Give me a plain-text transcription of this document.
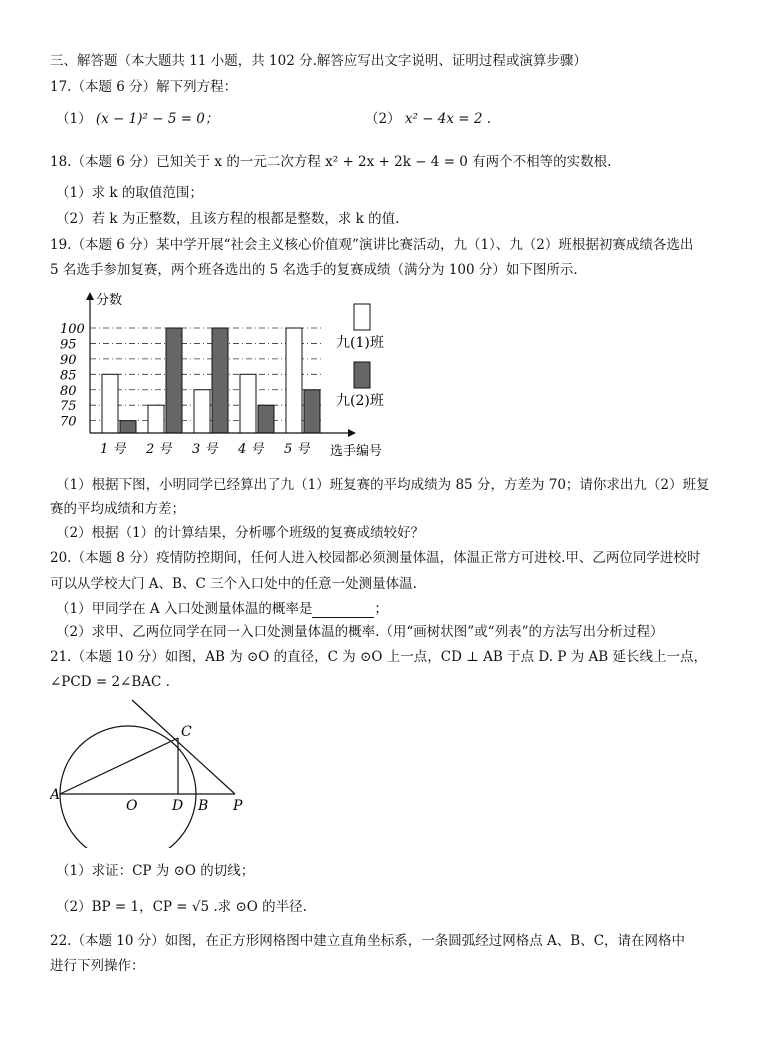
三、解答题（本大题共 11 小题，共 102 分.解答应写出文字说明、证明过程或演算步骤）
17.（本题 6 分）解下列方程：
（1） (x − 1)² − 5 = 0；	（2） x² − 4x = 2 .
18.（本题 6 分）已知关于 x 的一元二次方程 x² + 2x + 2k − 4 = 0 有两个不相等的实数根.
（1）求 k 的取值范围；
（2）若 k 为正整数，且该方程的根都是整数，求 k 的值.
19.（本题 6 分）某中学开展“社会主义核心价值观”演讲比赛活动，九（1）、九（2）班根据初赛成绩各选出
5 名选手参加复赛，两个班各选出的 5 名选手的复赛成绩（满分为 100 分）如下图所示.
分数
选手编号
70
75
80
85
90
95
100
1 号 2 号 3 号 4 号 5 号
九(1)班
九(2)班
（1）根据下图，小明同学已经算出了九（1）班复赛的平均成绩为 85 分，方差为 70；请你求出九（2）班复
赛的平均成绩和方差；
（2）根据（1）的计算结果，分析哪个班级的复赛成绩较好？
20.（本题 8 分）疫情防控期间，任何人进入校园都必须测量体温，体温正常方可进校.甲、乙两位同学进校时
可以从学校大门 A、B、C 三个入口处中的任意一处测量体温.
（1）甲同学在 A 入口处测量体温的概率是	；
（2）求甲、乙两位同学在同一入口处测量体温的概率.（用“画树状图”或“列表”的方法写出分析过程）
21.（本题 10 分）如图，AB 为 ⊙O 的直径，C 为 ⊙O 上一点，CD ⊥ AB 于点 D. P 为 AB 延长线上一点，
∠PCD = 2∠BAC .
A
C
O D B P
（1）求证：CP 为 ⊙O 的切线；
（2）BP = 1，CP = √5 .求 ⊙O 的半径.
22.（本题 10 分）如图，在正方形网格图中建立直角坐标系，一条圆弧经过网格点 A、B、C，请在网格中
进行下列操作：
